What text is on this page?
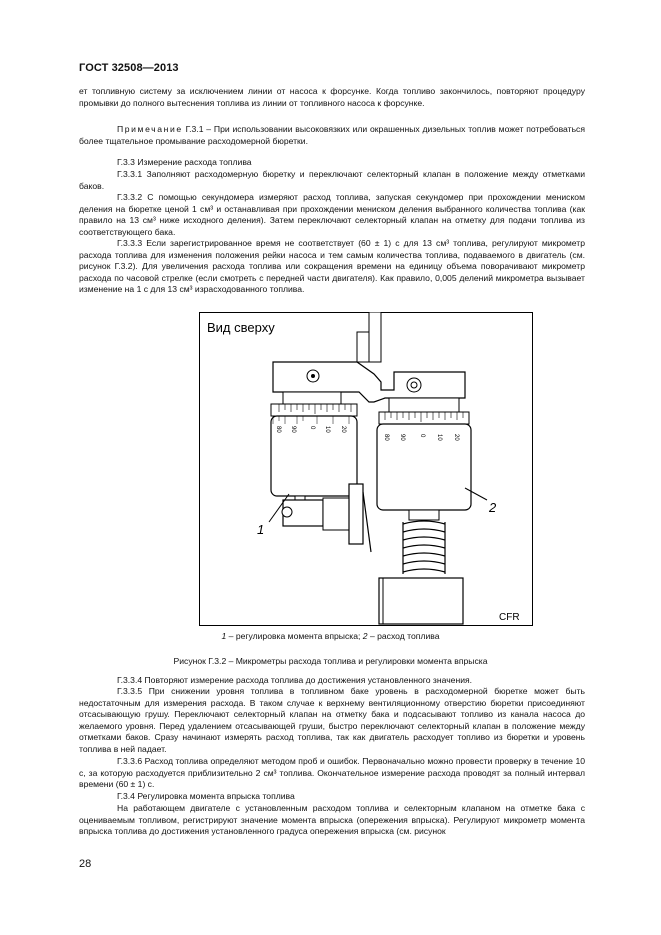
ГОСТ 32508—2013

ет топливную систему за исключением линии от насоса к форсунке. Когда топливо закончилось, повторяют процедуру промывки до полного вытеснения топлива из линии от топливного насоса к форсунке.

Примечание Г.3.1 – При использовании высоковязких или окрашенных дизельных топлив может потребоваться более тщательное промывание расходомерной бюретки.

Г.3.3 Измерение расхода топлива

Г.3.3.1 Заполняют расходомерную бюретку и переключают селекторный клапан в положение между отметками баков.

Г.3.3.2 С помощью секундомера измеряют расход топлива, запуская секундомер при прохождении мениском деления на бюретке ценой 1 см³ и останавливая при прохождении мениском деления выбранного количества топлива (как правило на 13 см³ ниже исходного деления). Затем переключают селекторный клапан на отметку для подачи топлива из соответствующего бака.

Г.3.3.3 Если зарегистрированное время не соответствует (60 ± 1) с для 13 см³ топлива, регулируют микрометр расхода топлива для изменения положения рейки насоса и тем самым количества топлива, подаваемого в двигатель (см. рисунок Г.3.2). Для увеличения расхода топлива или сокращения времени на единицу объема поворачивают микрометр расхода по часовой стрелке (если смотреть с передней части двигателя). Как правило, 0,005 делений микрометра вызывает изменение на 1 с для 13 см³ израсходованного топлива.

Вид сверху
80 90 0 10 20
80 90 0 10 20
1
2
CFR
1 – регулировка момента впрыска; 2 – расход топлива
Рисунок Г.3.2 – Микрометры расхода топлива и регулировки момента впрыска

Г.3.3.4 Повторяют измерение расхода топлива до достижения установленного значения.

Г.3.3.5 При снижении уровня топлива в топливном баке уровень в расходомерной бюретке может быть недостаточным для измерения расхода. В таком случае к верхнему вентиляционному отверстию бюретки присоединяют отсасывающую грушу. Переключают селекторный клапан на отметку бака и подсасывают топливо из канала насоса до желаемого уровня. Перед удалением отсасывающей груши, быстро переключают селекторный клапан в положение между отметками баков. Сразу начинают измерять расход топлива, так как двигатель расходует топливо из бюретки и уровень топлива в ней падает.

Г.3.3.6 Расход топлива определяют методом проб и ошибок. Первоначально можно провести проверку в течение 10 с, за которую расходуется приблизительно 2 см³ топлива. Окончательное измерение расхода проводят за полный интервал времени (60 ± 1) с.

Г.3.4 Регулировка момента впрыска топлива

На работающем двигателе с установленным расходом топлива и селекторным клапаном на отметке бака с оцениваемым топливом, регистрируют значение момента впрыска (опережения впрыска). Регулируют микрометр момента впрыска топлива до достижения установленного градуса опережения впрыска (см. рисунок

28
